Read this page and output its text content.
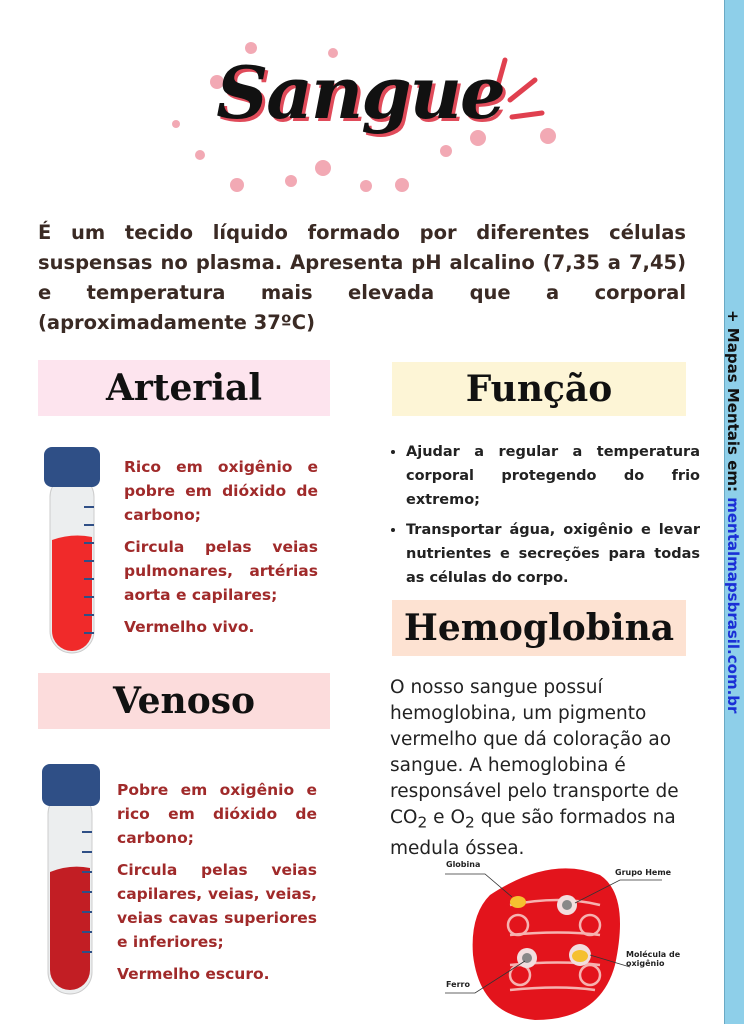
+ Mapas Mentais em: mentalmapsbrasil.com.br
Sangue
É um tecido líquido formado por diferentes células suspensas no plasma. Apresenta pH alcalino (7,35 a 7,45) e temperatura mais elevada que a corporal (aproximadamente 37ºC)
Arterial

Rico em oxigênio e pobre em dióxido de carbono;

Circula pelas veias pulmonares, artérias aorta e capilares;

Vermelho vivo.

Venoso

Pobre em oxigênio e rico em dióxido de carbono;

Circula pelas veias capilares, veias, veias, veias cavas superiores e inferiores;

Vermelho escuro.

Função
• Ajudar a regular a temperatura corporal protegendo do frio extremo;
• Transportar água, oxigênio e levar nutrientes e secreções para todas as células do corpo.
Hemoglobina
O nosso sangue possuí hemoglobina, um pigmento vermelho que dá coloração ao sangue. A hemoglobina é responsável pelo transporte de $CO_2$ e $O_2$ que são formados na medula óssea.
Globina
Grupo Heme
Molécula de oxigênio
Ferro
